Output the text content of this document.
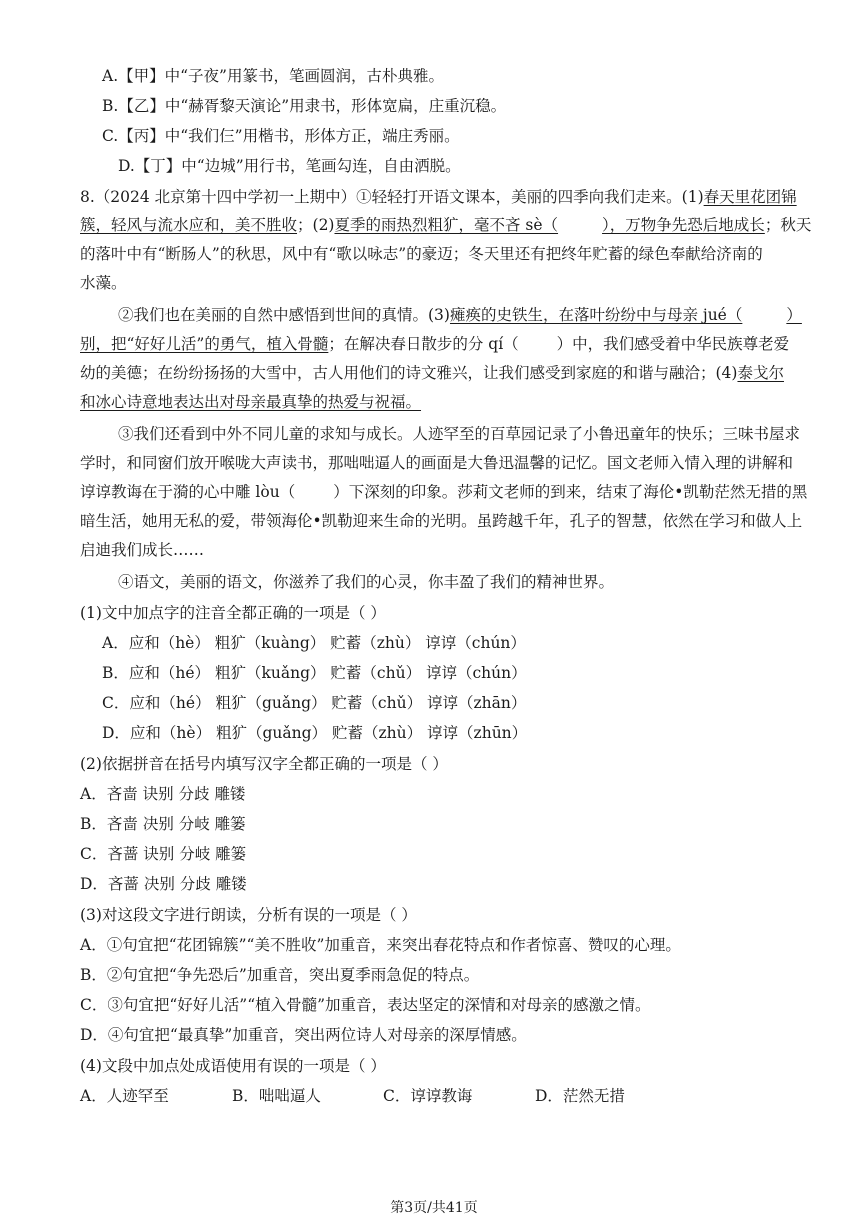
A.【甲】中“子夜”用篆书，笔画圆润，古朴典雅。
B.【乙】中“赫胥黎天演论”用隶书，形体宽扁，庄重沉稳。
C.【丙】中“我们仨”用楷书，形体方正，端庄秀丽。
D.【丁】中“边城”用行书，笔画勾连，自由洒脱。
8.（2024 北京第十四中学初一上期中）①轻轻打开语文课本，美丽的四季向我们走来。(1)春天里花团锦
簇，轻风与流水应和，美不胜收；(2)夏季的雨热烈粗犷，毫不吝 sè（	），万物争先恐后地成长；秋天
的落叶中有“断肠人”的秋思，风中有“歌以咏志”的豪迈；冬天里还有把终年贮蓄的绿色奉献给济南的
水藻。
②我们也在美丽的自然中感悟到世间的真情。(3)瘫痪的史铁生，在落叶纷纷中与母亲 jué（	）
别，把“好好儿活”的勇气，植入骨髓；在解决春日散步的分 qí（ ）中，我们感受着中华民族尊老爱
幼的美德；在纷纷扬扬的大雪中，古人用他们的诗文雅兴，让我们感受到家庭的和谐与融洽；(4)泰戈尔
和冰心诗意地表达出对母亲最真挚的热爱与祝福。
③我们还看到中外不同儿童的求知与成长。人迹罕至的百草园记录了小鲁迅童年的快乐；三味书屋求
学时，和同窗们放开喉咙大声读书，那咄咄逼人的画面是大鲁迅温馨的记忆。国文老师入情入理的讲解和
谆谆教诲在于漪的心中雕 lòu（ ）下深刻的印象。莎莉文老师的到来，结束了海伦•凯勒茫然无措的黑
暗生活，她用无私的爱，带领海伦•凯勒迎来生命的光明。虽跨越千年，孔子的智慧，依然在学习和做人上
启迪我们成长……
④语文，美丽的语文，你滋养了我们的心灵，你丰盈了我们的精神世界。
(1)文中加点字的注音全都正确的一项是（ ）
A．应和（hè） 粗犷（kuàng） 贮蓄（zhù） 谆谆（chún）
B．应和（hé） 粗犷（kuǎng） 贮蓄（chǔ） 谆谆（chún）
C．应和（hé） 粗犷（guǎng） 贮蓄（chǔ） 谆谆（zhān）
D．应和（hè） 粗犷（guǎng） 贮蓄（zhù） 谆谆（zhūn）
(2)依据拼音在括号内填写汉字全都正确的一项是（ ）
A．吝啬 诀别 分歧 雕镂
B．吝啬 决别 分岐 雕篓
C．吝蔷 诀别 分岐 雕篓
D．吝蔷 决别 分歧 雕镂
(3)对这段文字进行朗读，分析有误的一项是（ ）
A．①句宜把“花团锦簇”“美不胜收”加重音，来突出春花特点和作者惊喜、赞叹的心理。
B．②句宜把“争先恐后”加重音，突出夏季雨急促的特点。
C．③句宜把“好好儿活”“植入骨髓”加重音，表达坚定的深情和对母亲的感激之情。
D．④句宜把“最真挚”加重音，突出两位诗人对母亲的深厚情感。
(4)文段中加点处成语使用有误的一项是（ ）
A．人迹罕至	B．咄咄逼人	C．谆谆教诲	D．茫然无措
第3页/共41页
